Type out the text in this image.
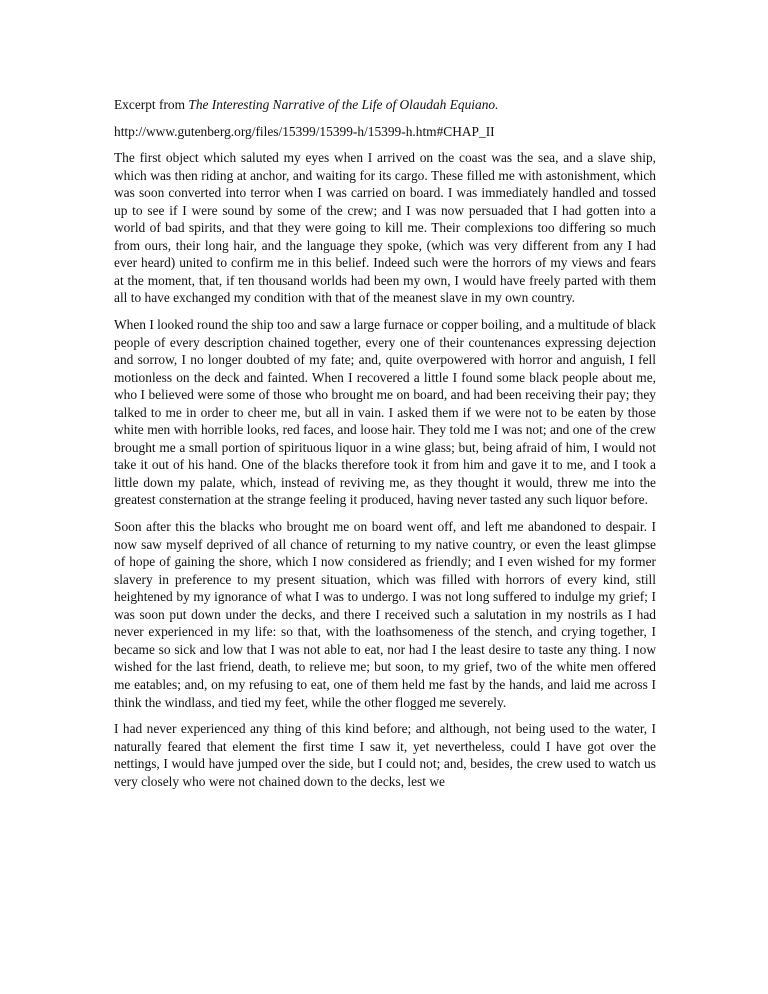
Excerpt from The Interesting Narrative of the Life of Olaudah Equiano.

http://www.gutenberg.org/files/15399/15399-h/15399-h.htm#CHAP_II

The first object which saluted my eyes when I arrived on the coast was the sea, and a slave ship, which was then riding at anchor, and waiting for its cargo. These filled me with astonishment, which was soon converted into terror when I was carried on board. I was immediately handled and tossed up to see if I were sound by some of the crew; and I was now persuaded that I had gotten into a world of bad spirits, and that they were going to kill me. Their complexions too differing so much from ours, their long hair, and the language they spoke, (which was very different from any I had ever heard) united to confirm me in this belief. Indeed such were the horrors of my views and fears at the moment, that, if ten thousand worlds had been my own, I would have freely parted with them all to have exchanged my condition with that of the meanest slave in my own country.

When I looked round the ship too and saw a large furnace or copper boiling, and a multitude of black people of every description chained together, every one of their countenances expressing dejection and sorrow, I no longer doubted of my fate; and, quite overpowered with horror and anguish, I fell motionless on the deck and fainted. When I recovered a little I found some black people about me, who I believed were some of those who brought me on board, and had been receiving their pay; they talked to me in order to cheer me, but all in vain. I asked them if we were not to be eaten by those white men with horrible looks, red faces, and loose hair. They told me I was not; and one of the crew brought me a small portion of spirituous liquor in a wine glass; but, being afraid of him, I would not take it out of his hand. One of the blacks therefore took it from him and gave it to me, and I took a little down my palate, which, instead of reviving me, as they thought it would, threw me into the greatest consternation at the strange feeling it produced, having never tasted any such liquor before.

Soon after this the blacks who brought me on board went off, and left me abandoned to despair. I now saw myself deprived of all chance of returning to my native country, or even the least glimpse of hope of gaining the shore, which I now considered as friendly; and I even wished for my former slavery in preference to my present situation, which was filled with horrors of every kind, still heightened by my ignorance of what I was to undergo. I was not long suffered to indulge my grief; I was soon put down under the decks, and there I received such a salutation in my nostrils as I had never experienced in my life: so that, with the loathsomeness of the stench, and crying together, I became so sick and low that I was not able to eat, nor had I the least desire to taste any thing. I now wished for the last friend, death, to relieve me; but soon, to my grief, two of the white men offered me eatables; and, on my refusing to eat, one of them held me fast by the hands, and laid me across I think the windlass, and tied my feet, while the other flogged me severely.

I had never experienced any thing of this kind before; and although, not being used to the water, I naturally feared that element the first time I saw it, yet nevertheless, could I have got over the nettings, I would have jumped over the side, but I could not; and, besides, the crew used to watch us very closely who were not chained down to the decks, lest we
